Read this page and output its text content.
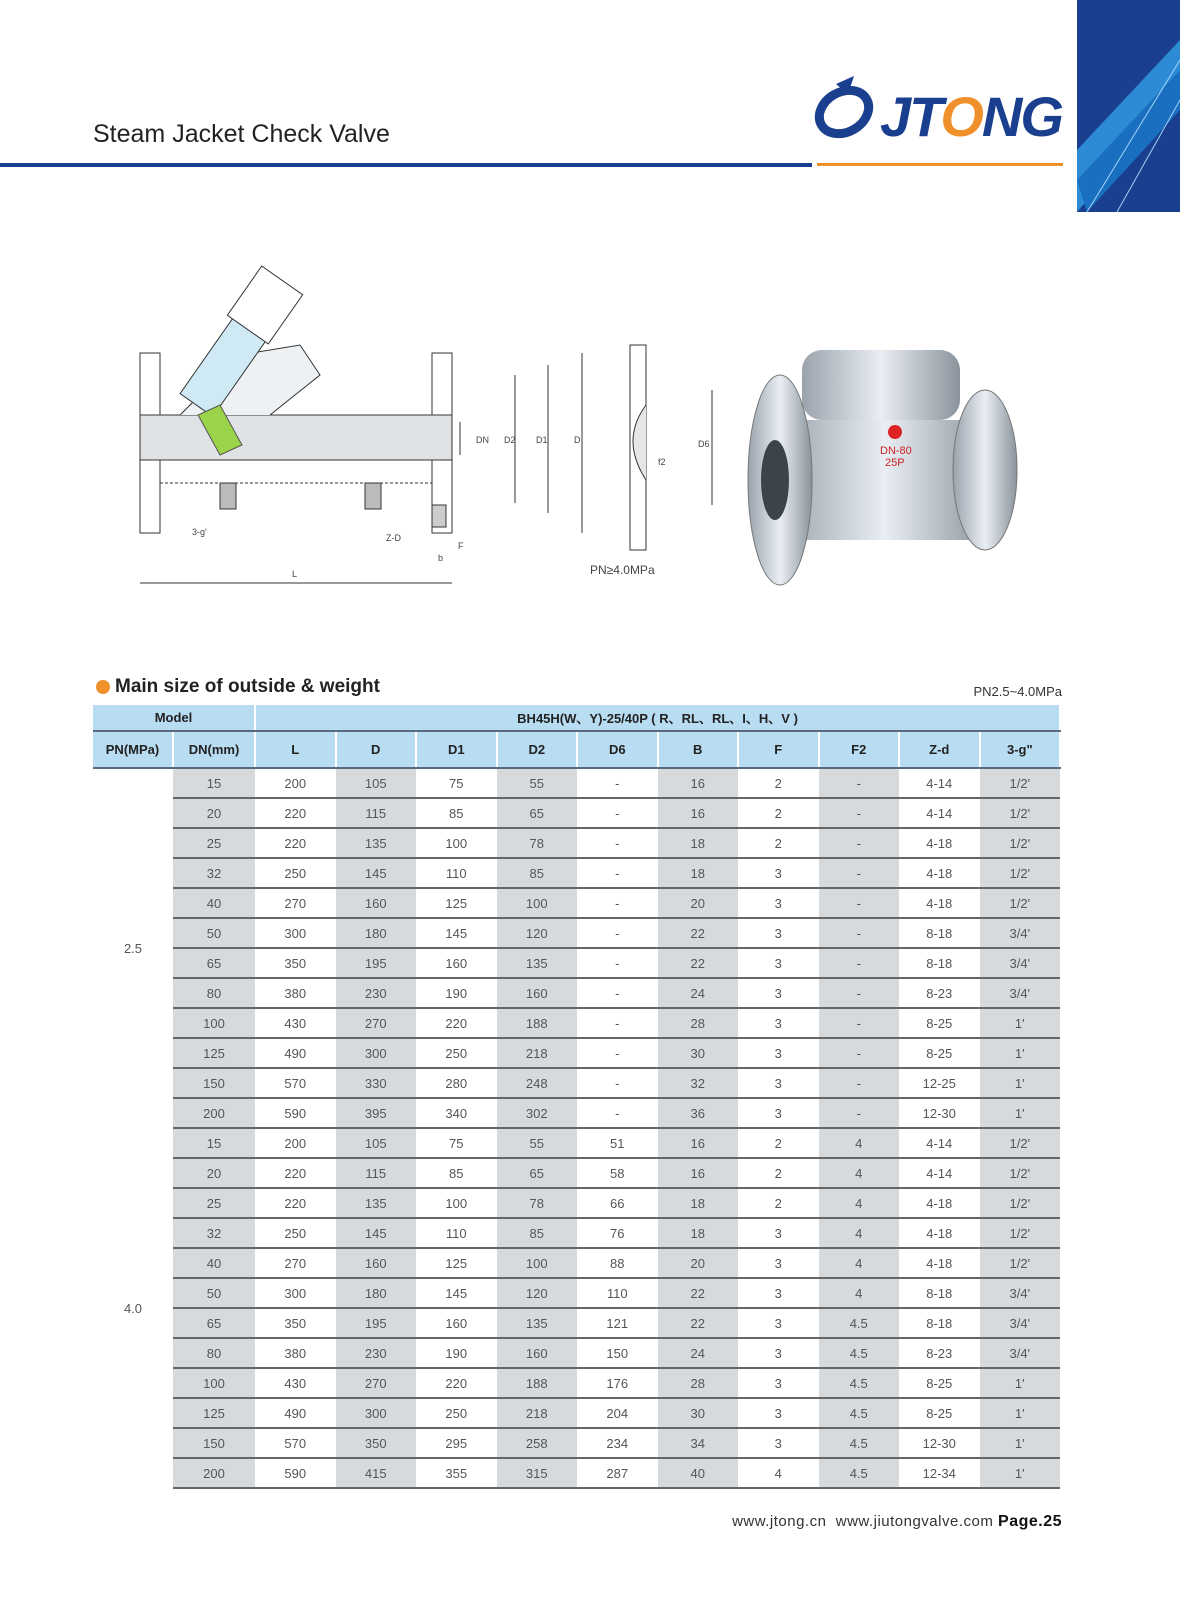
Steam Jacket Check Valve	JTONG
3-g'
Z-D
L
DN D2 D1	D
b
F
f2
D6
PN≥4.0MPa
DN-80
25P
Main size of outside & weight	PN2.5~4.0MPa
Model		BH45H(W、Y)-25/40P ( R、RL、RL、I、H、V )									
PN(MPa)	DN(mm)	L	D	D1	D2	D6	B	F	F2	Z-d	3-g"
2.5	15	200	105	75	55	-	16	2	-	4-14	1/2'
	20	220	115	85	65	-	16	2	-	4-14	1/2'
	25	220	135	100	78	-	18	2	-	4-18	1/2'
	32	250	145	110	85	-	18	3	-	4-18	1/2'
	40	270	160	125	100	-	20	3	-	4-18	1/2'
	50	300	180	145	120	-	22	3	-	8-18	3/4'
	65	350	195	160	135	-	22	3	-	8-18	3/4'
	80	380	230	190	160	-	24	3	-	8-23	3/4'
	100	430	270	220	188	-	28	3	-	8-25	1'
	125	490	300	250	218	-	30	3	-	8-25	1'
	150	570	330	280	248	-	32	3	-	12-25	1'
	200	590	395	340	302	-	36	3	-	12-30	1'
4.0	15	200	105	75	55	51	16	2	4	4-14	1/2'
	20	220	115	85	65	58	16	2	4	4-14	1/2'
	25	220	135	100	78	66	18	2	4	4-18	1/2'
	32	250	145	110	85	76	18	3	4	4-18	1/2'
	40	270	160	125	100	88	20	3	4	4-18	1/2'
	50	300	180	145	120	110	22	3	4	8-18	3/4'
	65	350	195	160	135	121	22	3	4.5	8-18	3/4'
	80	380	230	190	160	150	24	3	4.5	8-23	3/4'
	100	430	270	220	188	176	28	3	4.5	8-25	1'
	125	490	300	250	218	204	30	3	4.5	8-25	1'
	150	570	350	295	258	234	34	3	4.5	12-30	1'
	200	590	415	355	315	287	40	4	4.5	12-34	1'
www.jtong.cn  www.jiutongvalve.com Page.25
